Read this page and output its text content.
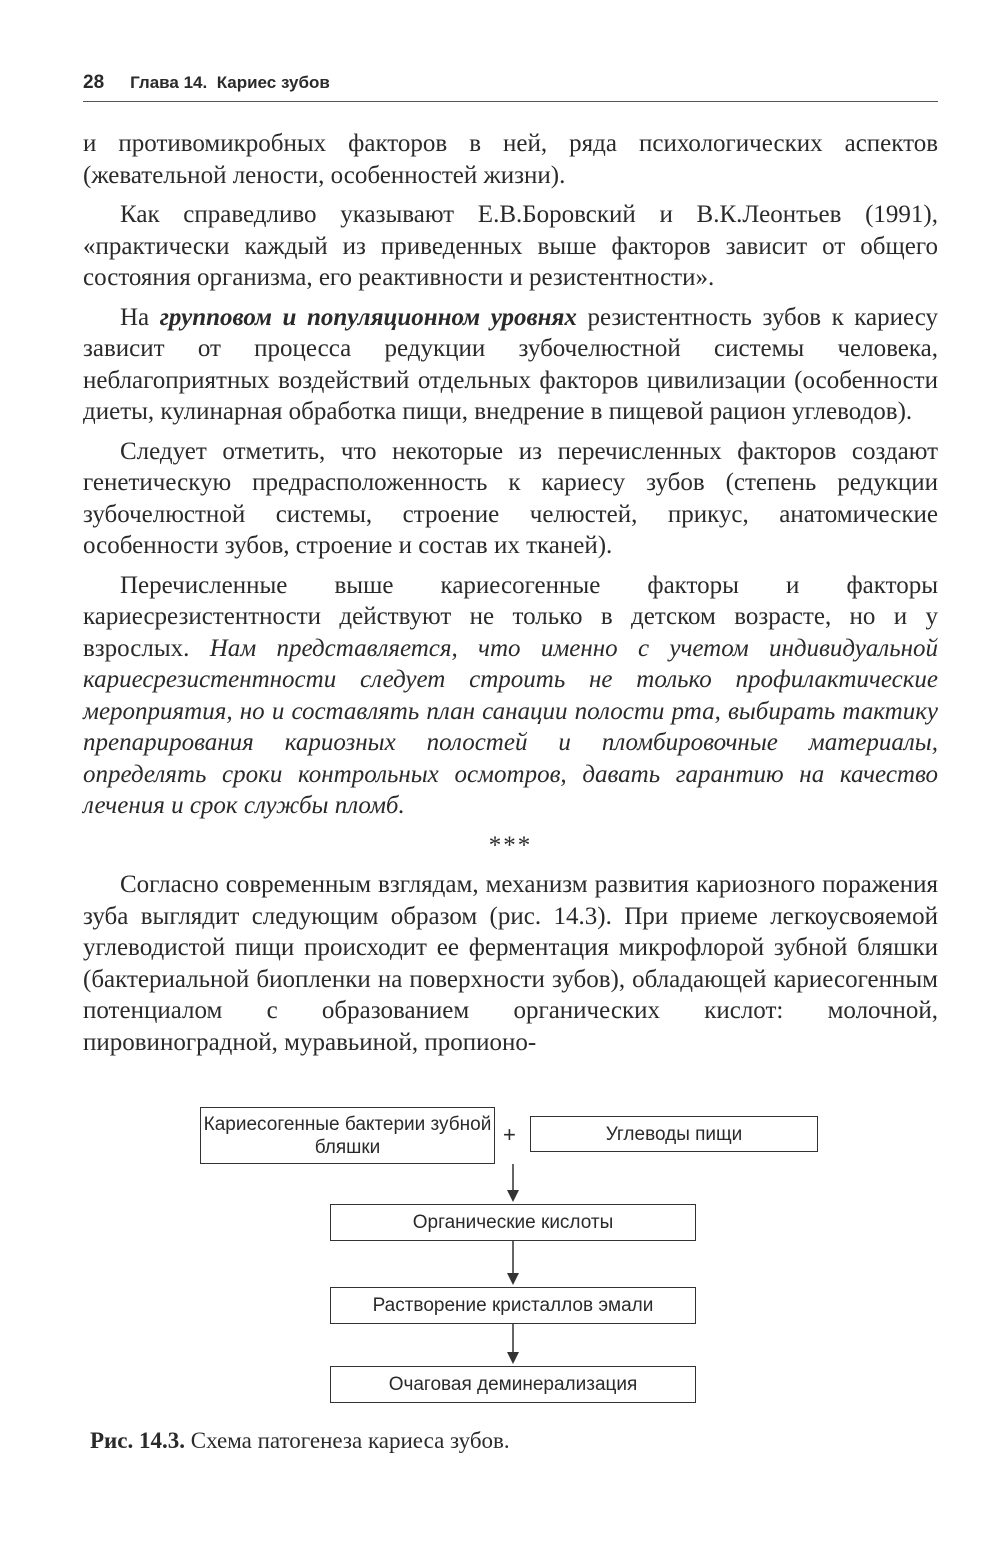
28 Глава 14. Кариес зубов

и противомикробных факторов в ней, ряда психологических аспектов (жевательной лености, особенностей жизни).

Как справедливо указывают Е.В.Боровский и В.К.Леонтьев (1991), «практически каждый из приведенных выше факторов зависит от общего состояния организма, его реактивности и резистентности».

На групповом и популяционном уровнях резистентность зубов к кариесу зависит от процесса редукции зубочелюстной системы человека, неблагоприятных воздействий отдельных факторов цивилизации (особенности диеты, кулинарная обработка пищи, внедрение в пищевой рацион углеводов).

Следует отметить, что некоторые из перечисленных факторов создают генетическую предрасположенность к кариесу зубов (степень редукции зубочелюстной системы, строение челюстей, прикус, анатомические особенности зубов, строение и состав их тканей).

Перечисленные выше кариесогенные факторы и факторы кариесрезистентности действуют не только в детском возрасте, но и у взрослых. Нам представляется, что именно с учетом индивидуальной кариесрезистентности следует строить не только профилактические мероприятия, но и составлять план санации полости рта, выбирать тактику препарирования кариозных полостей и пломбировочные материалы, определять сроки контрольных осмотров, давать гарантию на качество лечения и срок службы пломб.

***

Согласно современным взглядам, механизм развития кариозного поражения зуба выглядит следующим образом (рис. 14.3). При приеме легкоусвояемой углеводистой пищи происходит ее ферментация микрофлорой зубной бляшки (бактериальной биопленки на поверхности зубов), обладающей кариесогенным потенциалом с образованием органических кислот: молочной, пировиноградной, муравьиной, пропионо-

Кариесогенные бактерии зубной бляшки	+	Углеводы пищи
Органические кислоты
Растворение кристаллов эмали
Очаговая деминерализация
Рис. 14.3. Схема патогенеза кариеса зубов.
